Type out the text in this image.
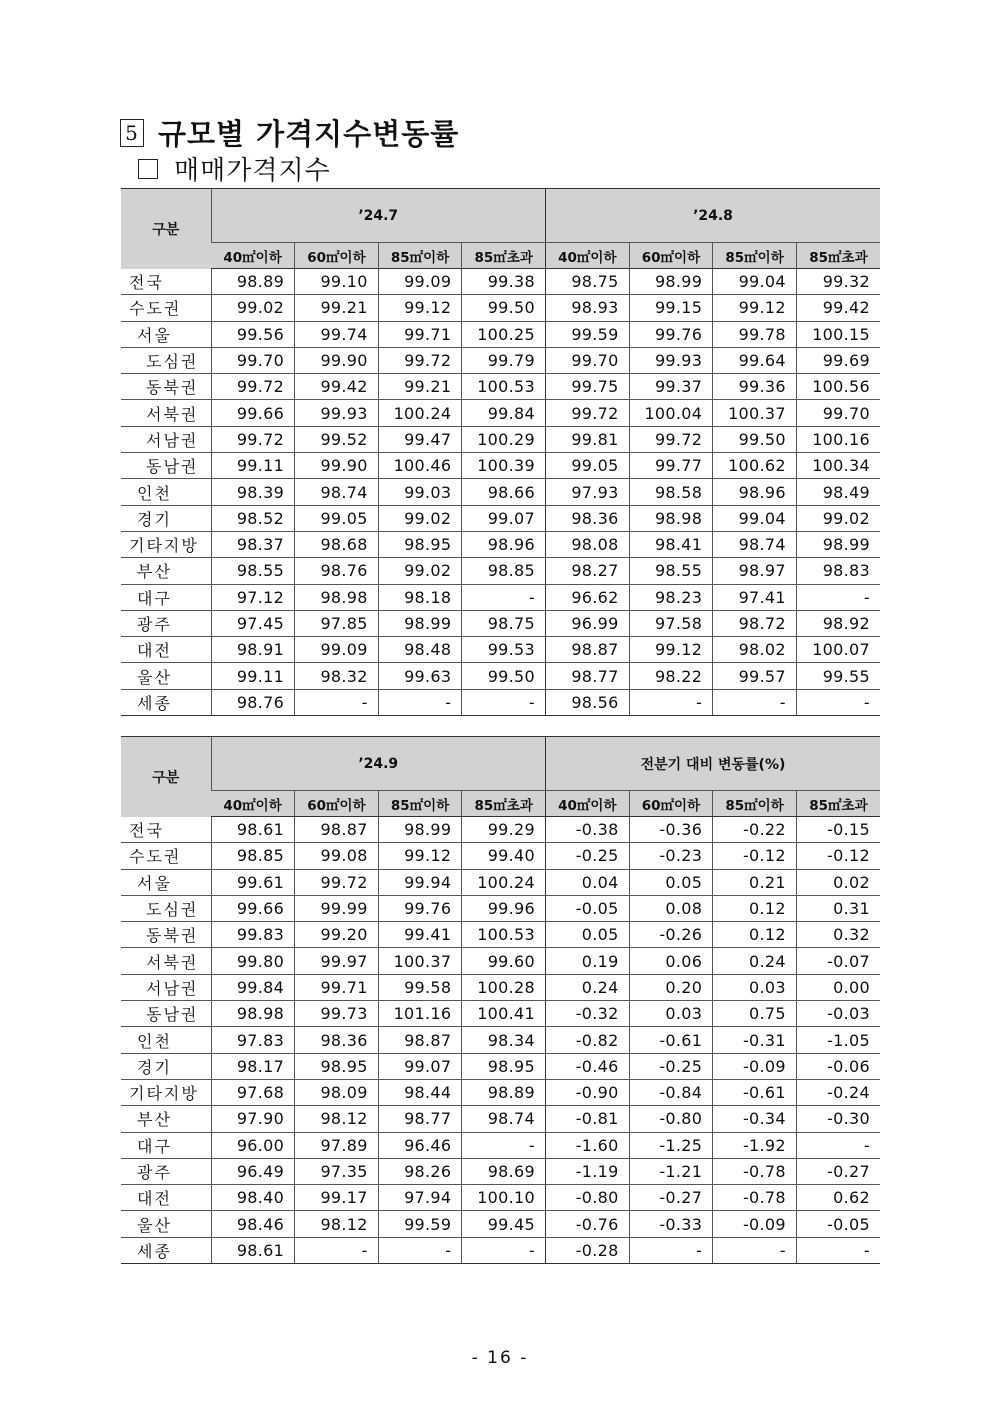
5 규모별 가격지수변동률
매매가격지수
구분	’24.7				’24.8			
	40㎡이하	60㎡이하	85㎡이하	85㎡초과	40㎡이하	60㎡이하	85㎡이하	85㎡초과
전국	98.89	99.10	99.09	99.38	98.75	98.99	99.04	99.32
수도권	99.02	99.21	99.12	99.50	98.93	99.15	99.12	99.42
서울	99.56	99.74	99.71	100.25	99.59	99.76	99.78	100.15
도심권	99.70	99.90	99.72	99.79	99.70	99.93	99.64	99.69
동북권	99.72	99.42	99.21	100.53	99.75	99.37	99.36	100.56
서북권	99.66	99.93	100.24	99.84	99.72	100.04	100.37	99.70
서남권	99.72	99.52	99.47	100.29	99.81	99.72	99.50	100.16
동남권	99.11	99.90	100.46	100.39	99.05	99.77	100.62	100.34
인천	98.39	98.74	99.03	98.66	97.93	98.58	98.96	98.49
경기	98.52	99.05	99.02	99.07	98.36	98.98	99.04	99.02
기타지방	98.37	98.68	98.95	98.96	98.08	98.41	98.74	98.99
부산	98.55	98.76	99.02	98.85	98.27	98.55	98.97	98.83
대구	97.12	98.98	98.18	-	96.62	98.23	97.41	-
광주	97.45	97.85	98.99	98.75	96.99	97.58	98.72	98.92
대전	98.91	99.09	98.48	99.53	98.87	99.12	98.02	100.07
울산	99.11	98.32	99.63	99.50	98.77	98.22	99.57	99.55
세종	98.76	-	-	-	98.56	-	-	-
구분	’24.9				전분기 대비 변동률(%)			
	40㎡이하	60㎡이하	85㎡이하	85㎡초과	40㎡이하	60㎡이하	85㎡이하	85㎡초과
전국	98.61	98.87	98.99	99.29	-0.38	-0.36	-0.22	-0.15
수도권	98.85	99.08	99.12	99.40	-0.25	-0.23	-0.12	-0.12
서울	99.61	99.72	99.94	100.24	0.04	0.05	0.21	0.02
도심권	99.66	99.99	99.76	99.96	-0.05	0.08	0.12	0.31
동북권	99.83	99.20	99.41	100.53	0.05	-0.26	0.12	0.32
서북권	99.80	99.97	100.37	99.60	0.19	0.06	0.24	-0.07
서남권	99.84	99.71	99.58	100.28	0.24	0.20	0.03	0.00
동남권	98.98	99.73	101.16	100.41	-0.32	0.03	0.75	-0.03
인천	97.83	98.36	98.87	98.34	-0.82	-0.61	-0.31	-1.05
경기	98.17	98.95	99.07	98.95	-0.46	-0.25	-0.09	-0.06
기타지방	97.68	98.09	98.44	98.89	-0.90	-0.84	-0.61	-0.24
부산	97.90	98.12	98.77	98.74	-0.81	-0.80	-0.34	-0.30
대구	96.00	97.89	96.46	-	-1.60	-1.25	-1.92	-
광주	96.49	97.35	98.26	98.69	-1.19	-1.21	-0.78	-0.27
대전	98.40	99.17	97.94	100.10	-0.80	-0.27	-0.78	0.62
울산	98.46	98.12	99.59	99.45	-0.76	-0.33	-0.09	-0.05
세종	98.61	-	-	-	-0.28	-	-	-
- 16 -
